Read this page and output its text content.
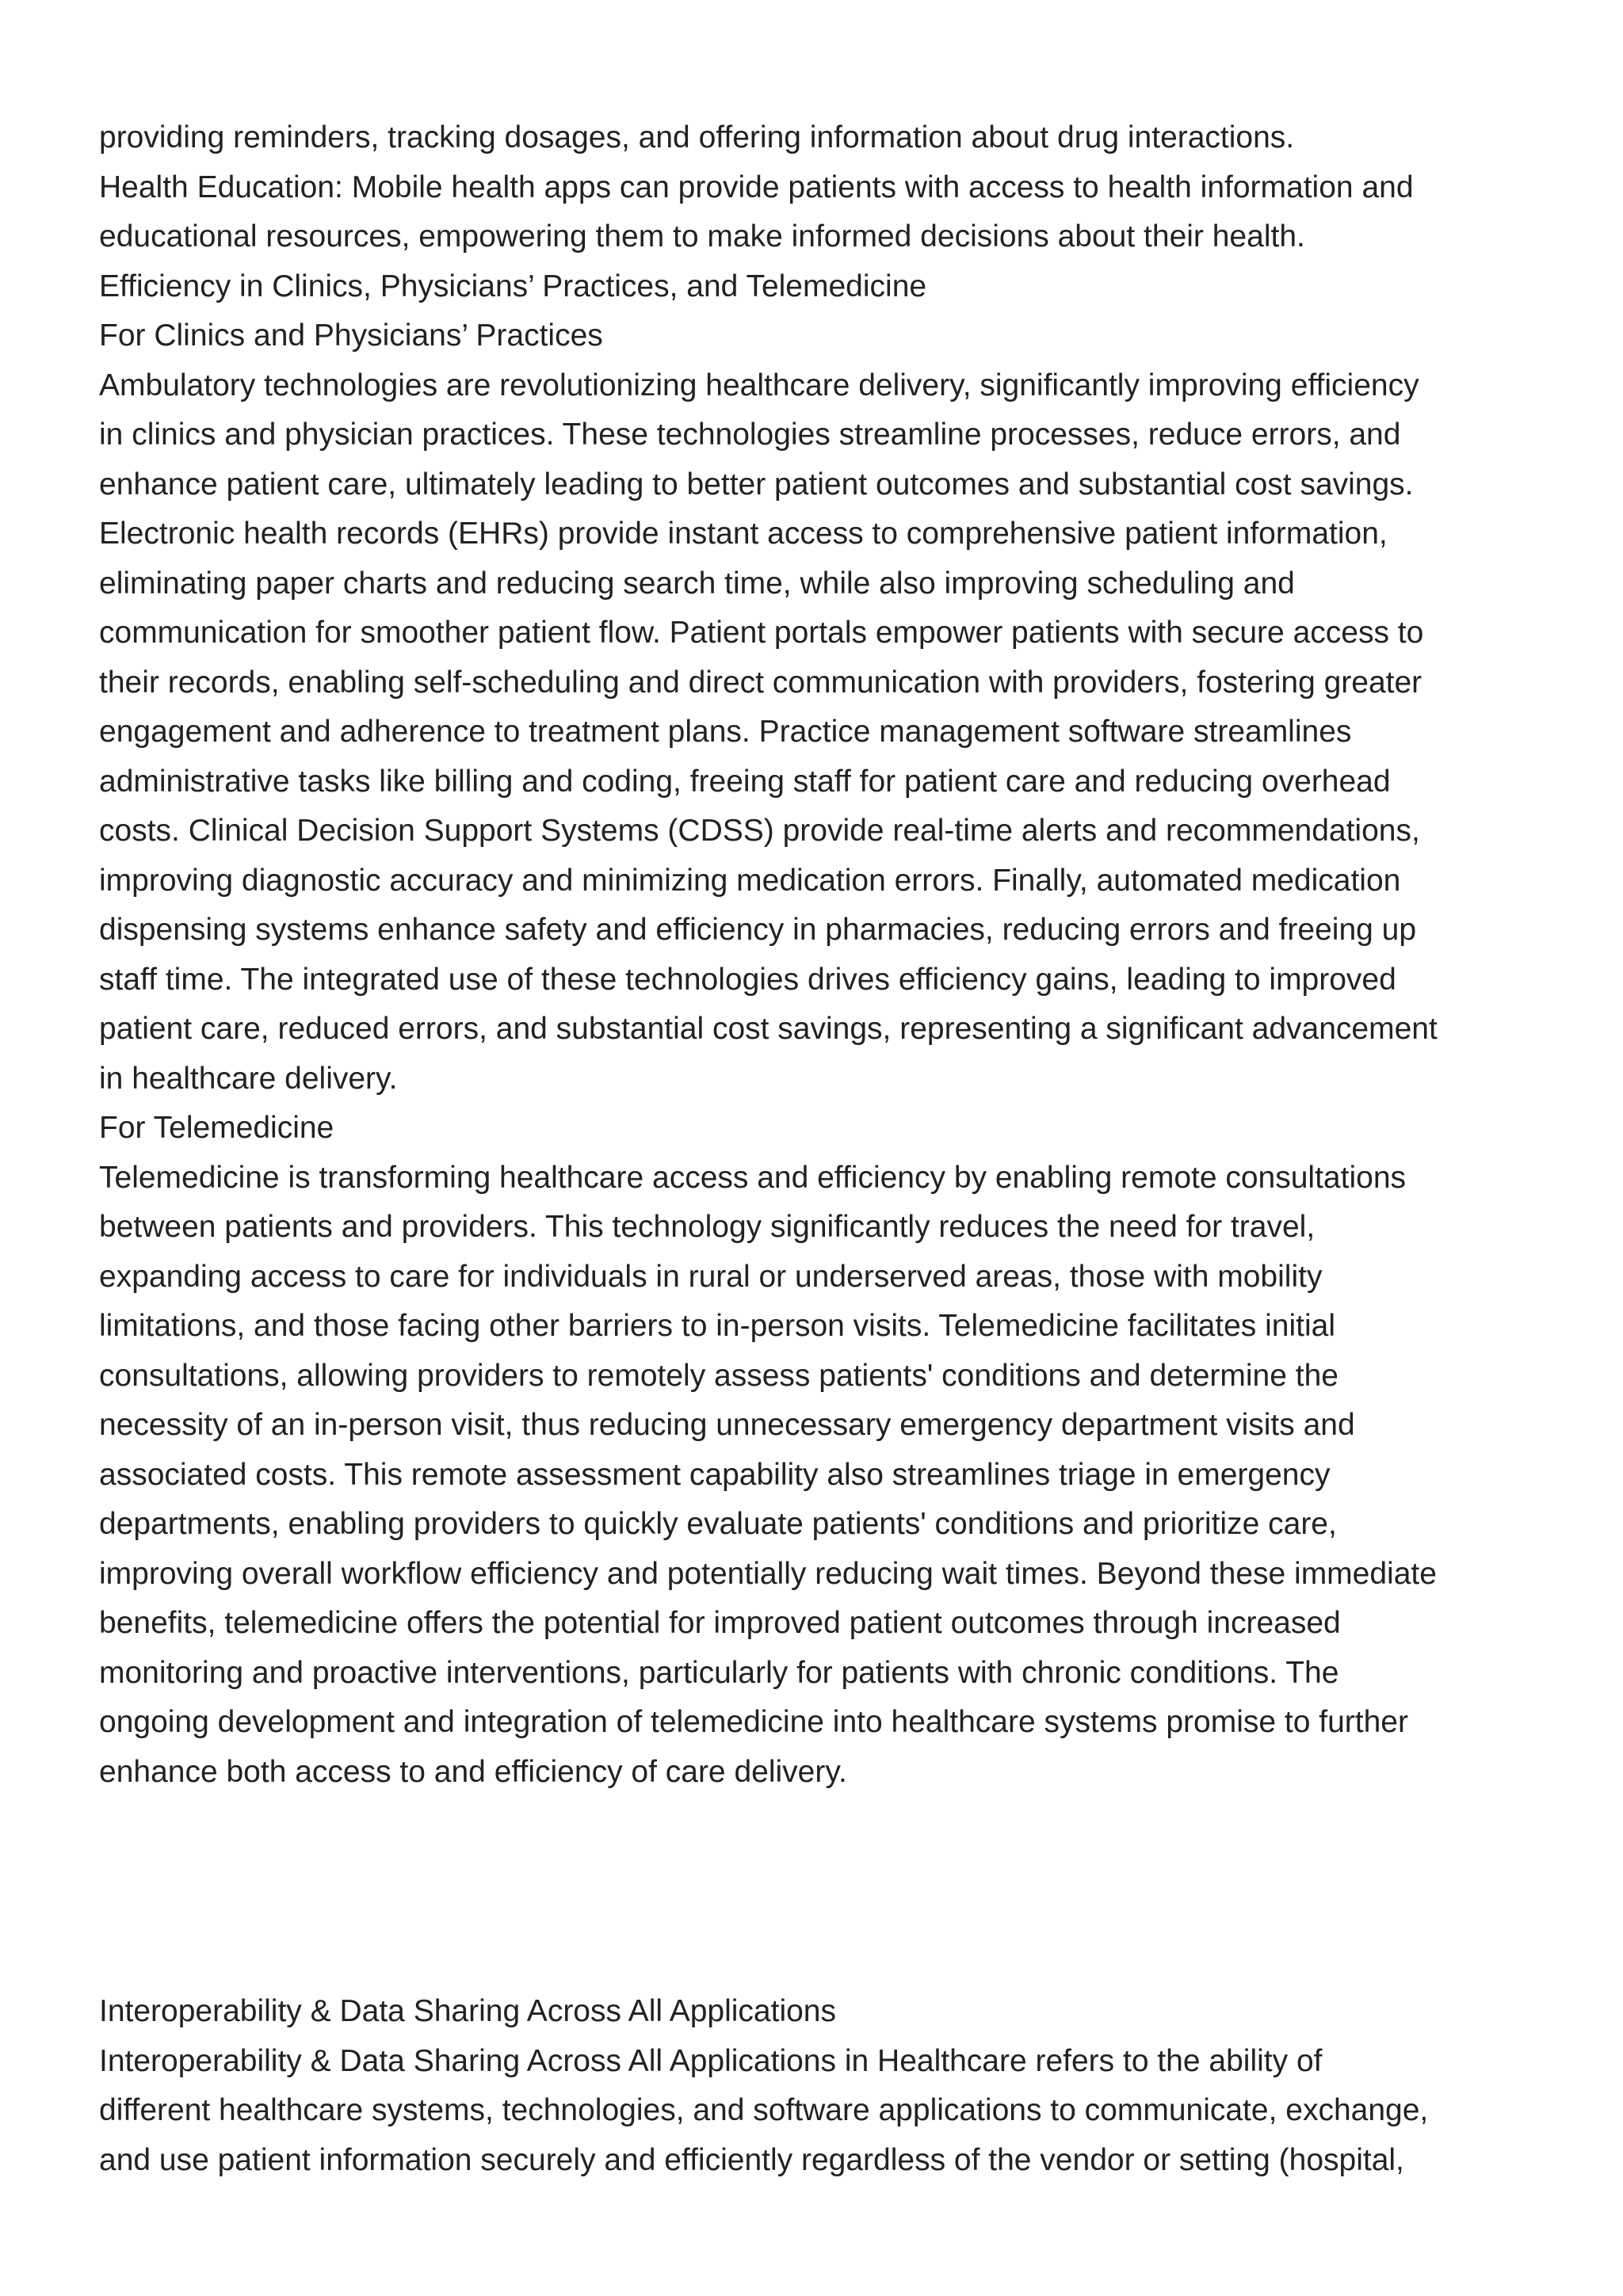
providing reminders, tracking dosages, and offering information about drug interactions.

Health Education: Mobile health apps can provide patients with access to health information and
educational resources, empowering them to make informed decisions about their health.

Efficiency in Clinics, Physicians’ Practices, and Telemedicine

For Clinics and Physicians’ Practices

Ambulatory technologies are revolutionizing healthcare delivery, significantly improving efficiency
in clinics and physician practices. These technologies streamline processes, reduce errors, and
enhance patient care, ultimately leading to better patient outcomes and substantial cost savings.
Electronic health records (EHRs) provide instant access to comprehensive patient information,
eliminating paper charts and reducing search time, while also improving scheduling and
communication for smoother patient flow. Patient portals empower patients with secure access to
their records, enabling self-scheduling and direct communication with providers, fostering greater
engagement and adherence to treatment plans. Practice management software streamlines
administrative tasks like billing and coding, freeing staff for patient care and reducing overhead
costs. Clinical Decision Support Systems (CDSS) provide real-time alerts and recommendations,
improving diagnostic accuracy and minimizing medication errors. Finally, automated medication
dispensing systems enhance safety and efficiency in pharmacies, reducing errors and freeing up
staff time. The integrated use of these technologies drives efficiency gains, leading to improved
patient care, reduced errors, and substantial cost savings, representing a significant advancement
in healthcare delivery.

For Telemedicine

Telemedicine is transforming healthcare access and efficiency by enabling remote consultations
between patients and providers. This technology significantly reduces the need for travel,
expanding access to care for individuals in rural or underserved areas, those with mobility
limitations, and those facing other barriers to in-person visits. Telemedicine facilitates initial
consultations, allowing providers to remotely assess patients' conditions and determine the
necessity of an in-person visit, thus reducing unnecessary emergency department visits and
associated costs. This remote assessment capability also streamlines triage in emergency
departments, enabling providers to quickly evaluate patients' conditions and prioritize care,
improving overall workflow efficiency and potentially reducing wait times. Beyond these immediate
benefits, telemedicine offers the potential for improved patient outcomes through increased
monitoring and proactive interventions, particularly for patients with chronic conditions. The
ongoing development and integration of telemedicine into healthcare systems promise to further
enhance both access to and efficiency of care delivery.

Interoperability & Data Sharing Across All Applications

Interoperability & Data Sharing Across All Applications in Healthcare refers to the ability of
different healthcare systems, technologies, and software applications to communicate, exchange,
and use patient information securely and efficiently regardless of the vendor or setting (hospital,
